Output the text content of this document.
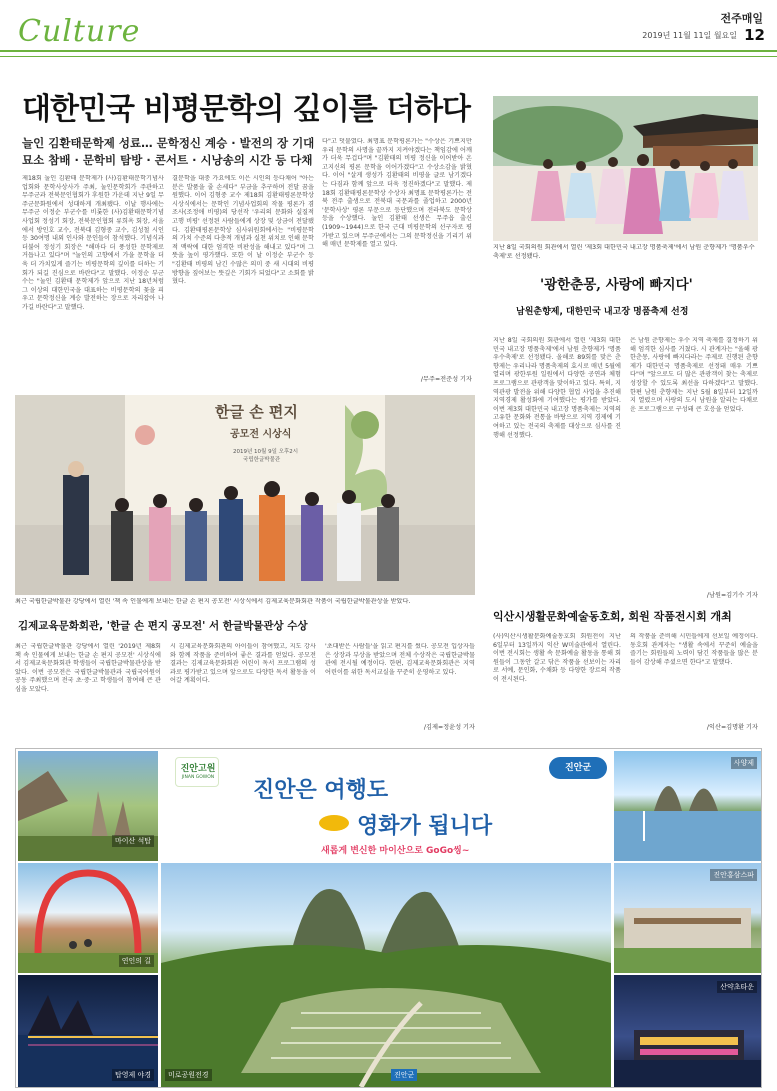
Culture	전주매일
2019년 11월 11일 월요일 12
대한민국 비평문학의 깊이를 더하다
늘인 김환태문학제 성료… 문학정신 계승 · 발전의 장 기대
묘소 참배 · 문학비 탐방 · 콘서트 · 시낭송의 시간 등 다채
제18회 눌인 김환태 문학제가 (사)김환태문학기념사업회와 문학사상사가 주최, 눌인문학회가 주관하고 무주군과 전북문인협회가 후원한 가운데 지난 9일 무주군문화원에서 성대하게 개최됐다. 이날 행사에는 무주군 이정순 부군수를 비롯한 (사)김환태문학기념사업회 정성기 회장, 전북문인협회 류희옥 회장, 서울에서 방인호 교수, 전북대 김형중 교수, 김성철 시인 등 30여명 내외 인사와 문인들이 참석했다. 기념식과 더불어 정성기 회장은 "해마다 더 풍성한 문학제로 거듭나고 있다"며 "눌인의 고향에서 가을 문학을 더욱 더 가치있게 즐기는 비평문학의 깊이를 더하는 기회가 되길 진심으로 바란다"고 말했다. 이정순 부군수는 "눌인 김환태 문학제가 앞으로 지난 18년처럼 그 이상의 대한민국을 대표하는 비평문학의 꽃을 피우고 문학정신을 계승 발전하는 장으로 자리잡아 나가길 바란다"고 말했다.
결문학을 대중 가요에도 이은 시인의 등다채어 "아는분은 발품을 줄 손세다" 부금을 추구하며 전달 꿈을 원했다. 이어 김형중 교수 제18회 김환태평론문학상 시상식에서는 문학인 기념사업회의 작물 평론가 겸 조사(조정애 비평)의 당선작 '우리의 문화와 실질적 고행 비평' 선정된 사람들에게 상장 및 상금이 전달됐다. 김환태평론문학상 심사위원회에서는 "비평문학의 가치 수준의 다층적 개념과 실천 위치로 인해 문학적 맥락에 대한 엄격한 비판성을 해내고 있다"며 그 뜻을 높이 평가했다. 또한 이 날 이정순 부군수 등 "김환태 비평의 남긴 수많은 의미 중 새 시대의 비평방향을 짚어보는 뜻깊은 기회가 되었다"고 소회를 밝혔다.
다"고 덧붙였다. 최명표 문학평론가는 "수상은 기쁘지만 우리 문학의 사명을 끝까지 지켜야겠다는 책임감에 어깨가 더욱 무겁다"며 "김환태의 비평 정신을 이어받아 온고지신의 평론 문학을 이어가겠다"고 수상소감을 밝혔다. 이어 "살게 생성가 김환태의 비평을 글로 남기겠다는 다짐과 함께 앞으로 더욱 정진하겠다"고 말했다. 제18회 김환태평론문학상 수상자 최명표 문학평론가는 전북 전주 출생으로 전북대 국문과를 졸업하고 2000년 '문학사상' 평론 부문으로 등단했으며 전라북도 문학상 등을 수상했다. 눌인 김환태 선생은 무주읍 출신(1909~1944)으로 한국 근대 비평문학의 선구자로 평가받고 있으며 무주군에서는 그의 문학정신을 기리기 위해 매년 문학제를 열고 있다.
/무주=전준성 기자
지난 8일 국회의원 회관에서 열린 '제3회 대한민국 내고장 명품축제'에서 남원 춘향제가 '명품우수축제'로 선정됐다.
'광한춘몽, 사랑에 빠지다'
남원춘향제, 대한민국 내고장 명품축제 선정
지난 8일 국회의원 회관에서 열린 '제3회 대한민국 내고장 명품축제'에서 남원 춘향제가 '명품우수축제'로 선정됐다. 올해로 89회를 맞은 춘향제는 우리나라 명품축제의 효시로 매년 5월에 열리며 광한루원 일원에서 다양한 공연과 체험 프로그램으로 관광객을 맞이하고 있다. 특히, 지역관광 발전을 위해 다양한 협업 사업을 추진해 지역경제 활성화에 기여했다는 평가를 받았다. 이번 제3회 대한민국 내고장 명품축제는 지역의 고유한 문화와 전통을 바탕으로 지역 경제에 기여하고 있는 전국의 축제를 대상으로 심사를 진행해 선정했다.
은 남원 춘향제는 우수 지역 축제를 결정하기 위해 엄격한 심사를 거쳤다. 시 관계자는 "올해 광한춘몽, 사랑에 빠지다라는 주제로 진행된 춘향제가 대한민국 명품축제로 선정돼 매우 기쁘다"며 "앞으로도 더 많은 관광객이 찾는 축제로 성장할 수 있도록 최선을 다하겠다"고 말했다. 한편 남원 춘향제는 지난 5월 8일부터 12일까지 열렸으며 사랑의 도시 남원을 알리는 다채로운 프로그램으로 구성돼 큰 호응을 얻었다.
/남원=김기수 기자
한글 손 편지
공모전 시상식
2019년 10월 9일 오후2시
국립한글박물관
최근 국립한글박물관 강당에서 열린 '책 속 인물에게 보내는 한글 손 편지 공모전' 시상식에서 김제교육문화회관 작품이 국립한글박물관상을 받았다.
김제교육문화회관, '한글 손 편지 공모전' 서 한글박물관상 수상
최근 국립한글박물관 강당에서 열린 '2019년 제8회 책 속 인물에게 보내는 한글 손 편지 공모전' 시상식에서 김제교육문화회관 학생들이 국립한글박물관상을 받았다. 이번 공모전은 국립한글박물관과 국립국어원이 공동 주최했으며 전국 초·중·고 학생들이 참여해 큰 관심을 모았다.
시 김제교육문화회관의 아이들이 참여했고, 지도 강사와 함께 작품을 준비하여 좋은 결과를 얻었다. 공모전 결과는 김제교육문화회관 어린이 독서 프로그램의 성과로 평가받고 있으며 앞으로도 다양한 독서 활동을 이어갈 계획이다.
'초대받은 사람들'을 읽고 편지를 썼다. 공모전 입상자들은 상장과 부상을 받았으며 전체 수상작은 국립한글박물관에 전시될 예정이다. 한편, 김제교육문화회관은 지역 어린이를 위한 독서교실을 꾸준히 운영하고 있다.
/김제=정윤성 기자
익산시생활문화예술동호회, 회원 작품전시회 개최
(사)익산시생활문화예술동호회 회원전이 지난 6일부터 13일까지 익산 W미술관에서 열린다. 이번 전시회는 생활 속 문화예술 활동을 통해 회원들이 그동안 갈고 닦은 작품을 선보이는 자리로 서예, 문인화, 수채화 등 다양한 장르의 작품이 전시된다.
의 작품을 준비해 시민들에게 선보일 예정이다. 동호회 관계자는 "생활 속에서 꾸준히 예술을 즐기는 회원들의 노력이 담긴 작품들을 많은 분들이 감상해 주셨으면 한다"고 말했다.
/익산=김명환 기자
마이산 석탑
연인의 길
탑영제 야경
진안고원
JINAN GOWON
진안군
진안은 여행도
영화가 됩니다
새롭게 변신한 마이산으로 GoGo씽~
미로공원전경	진안군
사양제
진안홍삼스파
산약초타운
